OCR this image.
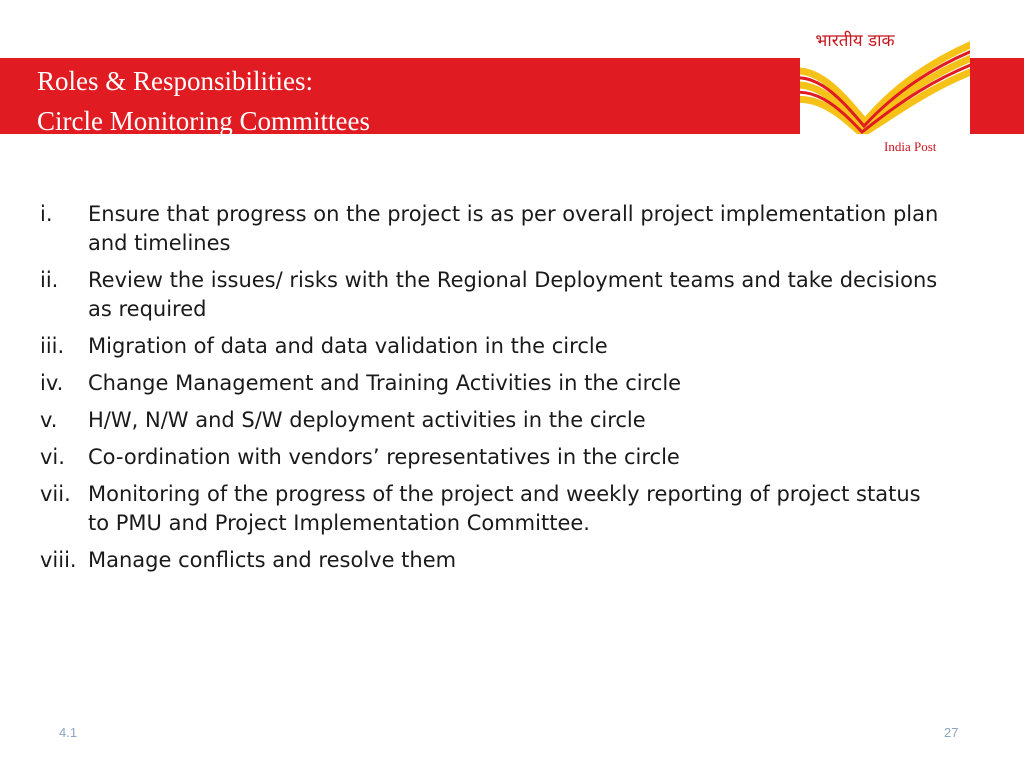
Roles & Responsibilities:
Circle Monitoring Committees
भारतीय डाक
India Post
i. Ensure that progress on the project is as per overall project implementation plan and timelines
ii. Review the issues/ risks with the Regional Deployment teams and take decisions as required
iii. Migration of data and data validation in the circle
iv. Change Management and Training Activities in the circle
v. H/W, N/W and S/W deployment activities in the circle
vi. Co-ordination with vendors’ representatives in the circle
vii. Monitoring of the progress of the project and weekly reporting of project status to PMU and Project Implementation Committee.
viii. Manage conflicts and resolve them
4.1	27
